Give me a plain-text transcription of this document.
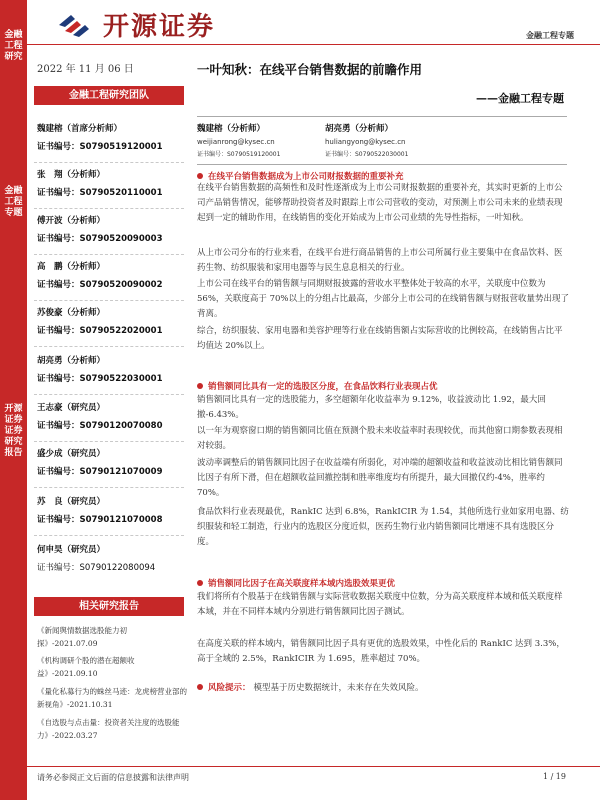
金融工程研究
金融工程专题
开源证券 证券研究报告
开源证券	金融工程专题
2022 年 11 月 06 日	一叶知秋：在线平台销售数据的前瞻作用
——金融工程专题
金融工程研究团队
魏建榕（首席分析师）
证书编号：S0790519120001
张　翔（分析师）
证书编号：S0790520110001
傅开波（分析师）
证书编号：S0790520090003
高　鹏（分析师）
证书编号：S0790520090002
苏俊豪（分析师）
证书编号：S0790522020001
胡亮勇（分析师）
证书编号：S0790522030001
王志豪（研究员）
证书编号：S0790120070080
盛少成（研究员）
证书编号：S0790121070009
苏　良（研究员）
证书编号：S0790121070008
何申昊（研究员）
证书编号：S0790122080094
相关研究报告
《新闻舆情数据选股能力初探》-2021.07.09
《机构调研个股的潜在超额收益》-2021.09.10
《量化私募行为的蛛丝马迹：龙虎榜营业部的新视角》-2021.10.31
《自选股与点击量：投资者关注度的选股能力》-2022.03.27
魏建榕（分析师）
weijianrong@kysec.cn
证书编号：S0790519120001
胡亮勇（分析师）
huliangyong@kysec.cn
证书编号：S0790522030001
在线平台销售数据成为上市公司财报数据的重要补充
在线平台销售数据的高频性和及时性逐渐成为上市公司财报数据的重要补充，其实时更新的上市公司产品销售情况，能够帮助投资者及时跟踪上市公司营收的变动，对预测上市公司未来的业绩表现起到一定的辅助作用，在线销售的变化开始成为上市公司业绩的先导性指标，一叶知秋。
从上市公司分布的行业来看，在线平台进行商品销售的上市公司所属行业主要集中在食品饮料、医药生物、纺织服装和家用电器等与民生息息相关的行业。
上市公司在线平台的销售额与同期财报披露的营收水平整体处于较高的水平，关联度中位数为 56%，关联度高于 70%以上的分组占比最高，少部分上市公司的在线销售额与财报营收量势出现了背离。
综合，纺织服装、家用电器和美容护理等行业在线销售额占实际营收的比例较高，在线销售占比平均值达 20%以上。
销售额同比具有一定的选股区分度，在食品饮料行业表现占优
销售额同比具有一定的选股能力，多空超额年化收益率为 9.12%，收益波动比 1.92，最大回撤-6.43%。
以一年为观察窗口期的销售额同比值在预测个股未来收益率时表现较优，而其他窗口期参数表现相对较弱。
波动率调整后的销售额同比因子在收益端有所弱化，对冲端的超额收益和收益波动比相比销售额同比因子有所下滑，但在超额收益回撤控制和胜率维度均有所提升，最大回撤仅约-4%，胜率约 70%。
食品饮料行业表现最优，RankIC 达到 6.8%，RankICIR 为 1.54，其他所选行业如家用电器、纺织服装和轻工制造，行业内的选股区分度近似，医药生物行业内销售额同比增速不具有选股区分度。
销售额同比因子在高关联度样本域内选股效果更优
我们将所有个股基于在线销售额与实际营收数据关联度中位数，分为高关联度样本域和低关联度样本域，并在不同样本域内分别进行销售额同比因子测试。
在高度关联的样本域内，销售额同比因子具有更优的选股效果，中性化后的 RankIC 达到 3.3%，高于全域的 2.5%，RankICIR 为 1.695，胜率超过 70%。
风险提示： 模型基于历史数据统计，未来存在失效风险。
请务必参阅正文后面的信息披露和法律声明	1 / 19
